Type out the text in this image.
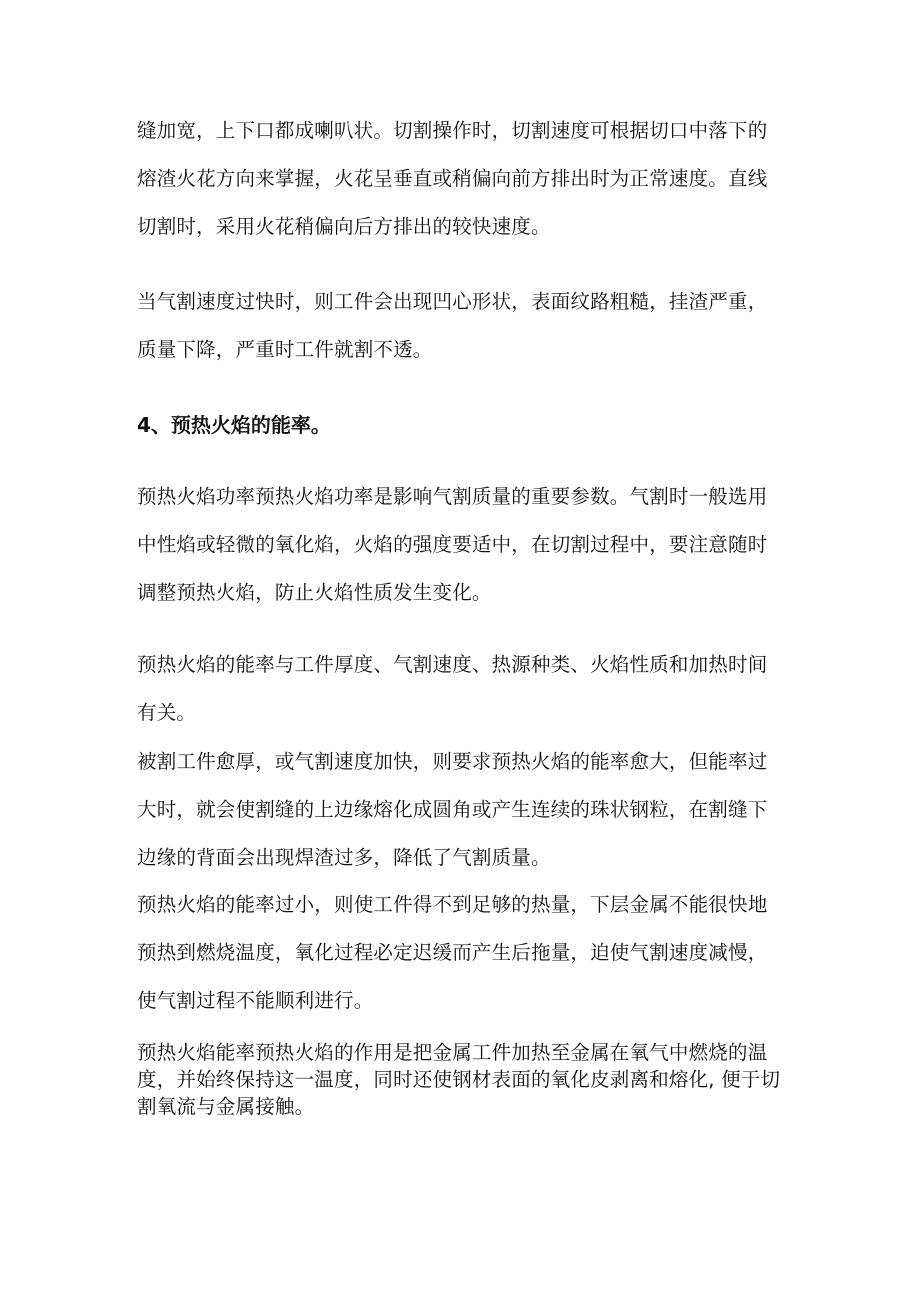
缝加宽，上下口都成喇叭状。切割操作时，切割速度可根据切口中落下的
熔渣火花方向来掌握，火花呈垂直或稍偏向前方排出时为正常速度。直线
切割时，采用火花稍偏向后方排出的较快速度。

当气割速度过快时，则工件会出现凹心形状，表面纹路粗糙，挂渣严重，
质量下降，严重时工件就割不透。

4、预热火焰的能率。

预热火焰功率预热火焰功率是影响气割质量的重要参数。气割时一般选用
中性焰或轻微的氧化焰，火焰的强度要适中，在切割过程中，要注意随时
调整预热火焰，防止火焰性质发生变化。

预热火焰的能率与工件厚度、气割速度、热源种类、火焰性质和加热时间
有关。

被割工件愈厚，或气割速度加快，则要求预热火焰的能率愈大，但能率过
大时，就会使割缝的上边缘熔化成圆角或产生连续的珠状钢粒，在割缝下
边缘的背面会出现焊渣过多，降低了气割质量。

预热火焰的能率过小，则使工件得不到足够的热量，下层金属不能很快地
预热到燃烧温度，氧化过程必定迟缓而产生后拖量，迫使气割速度减慢，
使气割过程不能顺利进行。

预热火焰能率预热火焰的作用是把金属工件加热至金属在氧气中燃烧的温
度，并始终保持这一温度，同时还使钢材表面的氧化皮剥离和熔化, 便于切
割氧流与金属接触。
